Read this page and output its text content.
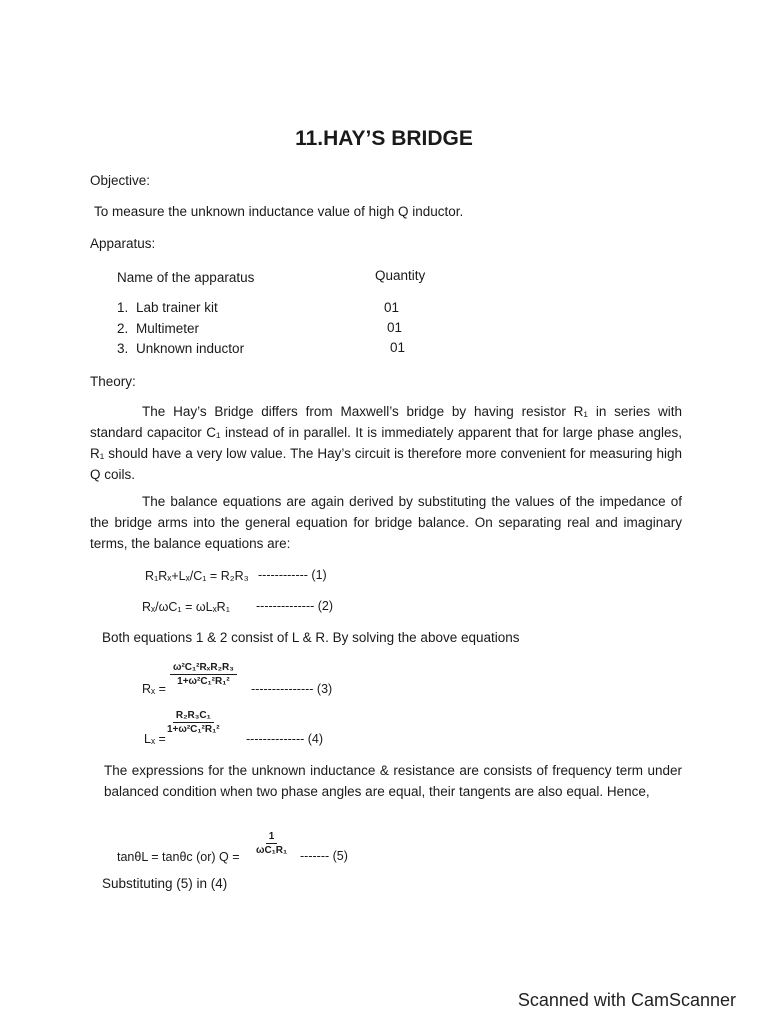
11.HAY’S BRIDGE
Objective:
To measure the unknown inductance value of high Q inductor.
Apparatus:
Name of the apparatus	Quantity
1. Lab trainer kit	01
2. Multimeter	01
3. Unknown inductor	01
Theory:
The Hay’s Bridge differs from Maxwell’s bridge by having resistor R₁ in series with standard capacitor C₁ instead of in parallel. It is immediately apparent that for large phase angles, R₁ should have a very low value. The Hay’s circuit is therefore more convenient for measuring high Q coils.
The balance equations are again derived by substituting the values of the impedance of the bridge arms into the general equation for bridge balance. On separating real and imaginary terms, the balance equations are:
R₁Rₓ+Lₓ/C₁ = R₂R₃ ------------ (1)
Rₓ/ωC₁ = ωLₓR₁ -------------- (2)
Both equations 1 & 2 consist of L & R. By solving the above equations
Rₓ =
$\frac{\text{ω²C₁²RₓR₂R₃}}{\text{1+ω²C₁²R₁²}}$
--------------- (3)
Lₓ =
$\frac{\text{R₂R₃C₁}}{\text{1+ω²C₁²R₁²}}$
-------------- (4)
The expressions for the unknown inductance & resistance are consists of frequency term under balanced condition when two phase angles are equal, their tangents are also equal. Hence,
tanθL = tanθc (or) Q =
$\frac{1}{\text{ωC₁R₁}}$ ------- (5)
Substituting (5) in (4)
Scanned with CamScanner
